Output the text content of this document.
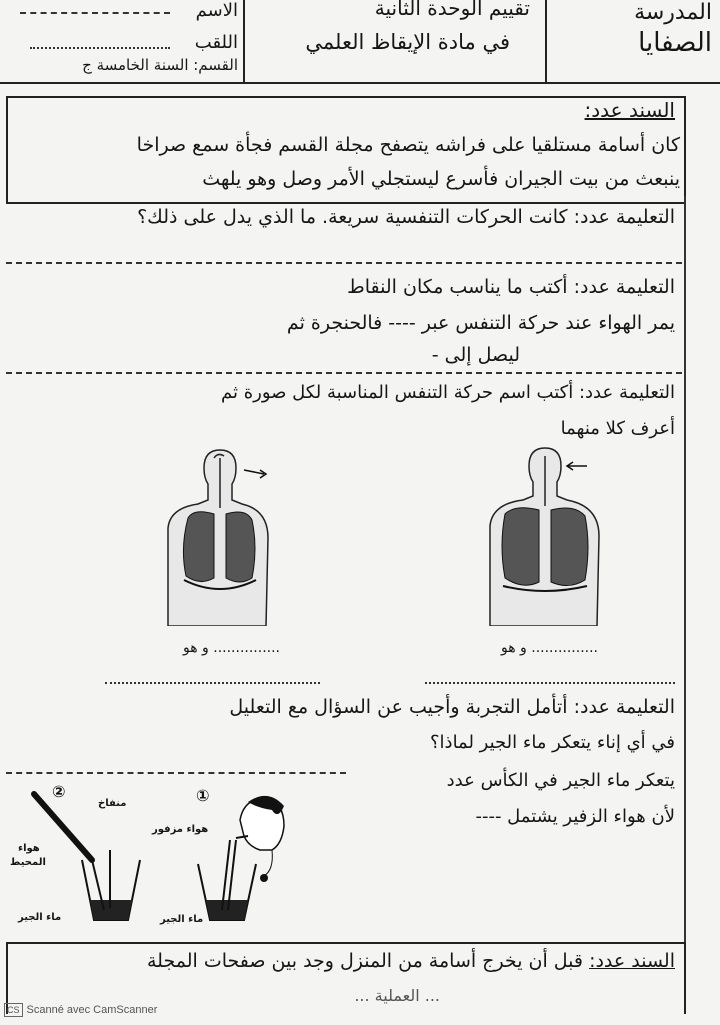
المدرسة
الصفايا
تقييم الوحدة الثانية
في مادة الإيقاظ العلمي
الاسم
اللقب
القسم: السنة الخامسة ج
السند عدد:
كان أسامة مستلقيا على فراشه يتصفح مجلة القسم فجأة سمع صراخا
ينبعث من بيت الجيران فأسرع ليستجلي الأمر وصل وهو يلهث
التعليمة عدد: كانت الحركات التنفسية سريعة. ما الذي يدل على ذلك؟
التعليمة عدد: أكتب ما يناسب مكان النقاط
يمر الهواء عند حركة التنفس عبر ---- فالحنجرة ثم
ليصل إلى -
التعليمة عدد: أكتب اسم حركة التنفس المناسبة لكل صورة ثم
أعرف كلا منهما
............... و هو	............... و هو
التعليمة عدد: أتأمل التجربة وأجيب عن السؤال مع التعليل
في أي إناء يتعكر ماء الجير لماذا؟
يتعكر ماء الجير في الكأس عدد
لأن هواء الزفير يشتمل ----
②	①
منفاخ
هواء
المحيط
هواء مزفور
ماء الجير	ماء الجير
السند عدد: قبل أن يخرج أسامة من المنزل وجد بين صفحات المجلة
... العملية ...
CS Scanné avec CamScanner
